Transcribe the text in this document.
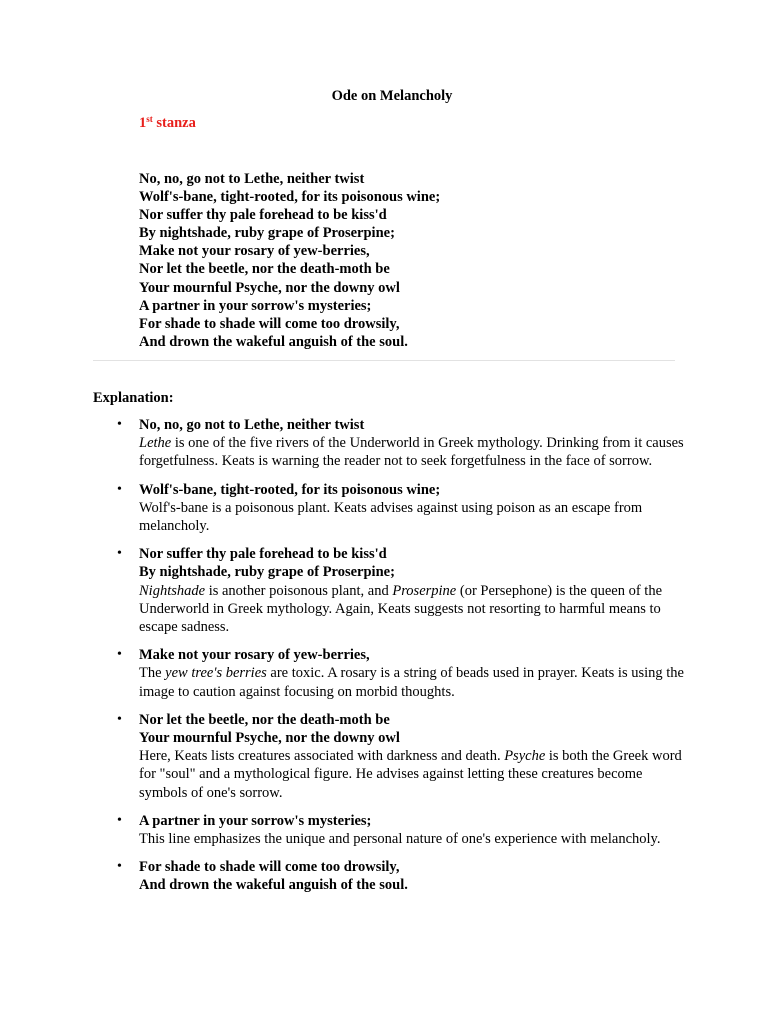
Ode on Melancholy
1st stanza
No, no, go not to Lethe, neither twist
Wolf's-bane, tight-rooted, for its poisonous wine;
Nor suffer thy pale forehead to be kiss'd
By nightshade, ruby grape of Proserpine;
Make not your rosary of yew-berries,
Nor let the beetle, nor the death-moth be
Your mournful Psyche, nor the downy owl
A partner in your sorrow's mysteries;
For shade to shade will come too drowsily,
And drown the wakeful anguish of the soul.
Explanation:
• No, no, go not to Lethe, neither twist
Lethe is one of the five rivers of the Underworld in Greek mythology. Drinking from it causes forgetfulness. Keats is warning the reader not to seek forgetfulness in the face of sorrow.
• Wolf's-bane, tight-rooted, for its poisonous wine;
Wolf's-bane is a poisonous plant. Keats advises against using poison as an escape from melancholy.
• Nor suffer thy pale forehead to be kiss'd
By nightshade, ruby grape of Proserpine;
Nightshade is another poisonous plant, and Proserpine (or Persephone) is the queen of the Underworld in Greek mythology. Again, Keats suggests not resorting to harmful means to escape sadness.
• Make not your rosary of yew-berries,
The yew tree's berries are toxic. A rosary is a string of beads used in prayer. Keats is using the image to caution against focusing on morbid thoughts.
• Nor let the beetle, nor the death-moth be
Your mournful Psyche, nor the downy owl
Here, Keats lists creatures associated with darkness and death. Psyche is both the Greek word for "soul" and a mythological figure. He advises against letting these creatures become symbols of one's sorrow.
• A partner in your sorrow's mysteries;
This line emphasizes the unique and personal nature of one's experience with melancholy.
• For shade to shade will come too drowsily,
And drown the wakeful anguish of the soul.
